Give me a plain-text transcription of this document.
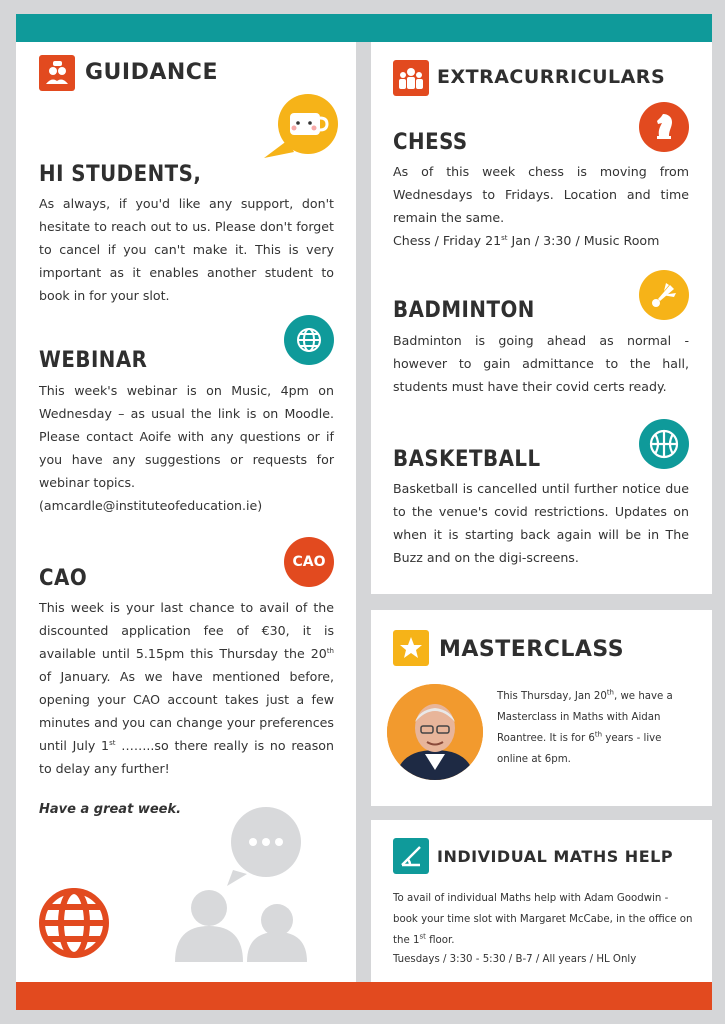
GUIDANCE
HI STUDENTS,

As always, if you'd like any support, don't hesitate to reach out to us. Please don't forget to cancel if you can't make it. This is very important as it enables another student to book in for your slot.

WEBINAR

This week's webinar is on Music, 4pm on Wednesday – as usual the link is on Moodle. Please contact Aoife with any questions or if you have any suggestions or requests for webinar topics.

(amcardle@instituteofeducation.ie)

CAO
CAO

This week is your last chance to avail of the discounted application fee of €30, it is available until 5.15pm this Thursday the 20th of January. As we have mentioned before, opening your CAO account takes just a few minutes and you can change your preferences until July 1st ……..so there really is no reason to delay any further!

Have a great week.
EXTRACURRICULARS
CHESS

As of this week chess is moving from Wednesdays to Fridays. Location and time remain the same.

Chess / Friday 21st Jan / 3:30 / Music Room

BADMINTON

Badminton is going ahead as normal - however to gain admittance to the hall, students must have their covid certs ready.

BASKETBALL

Basketball is cancelled until further notice due to the venue's covid restrictions. Updates on when it is starting back again will be in The Buzz and on the digi-screens.

MASTERCLASS

This Thursday, Jan 20th, we have a Masterclass in Maths with Aidan Roantree. It is for 6th years - live online at 6pm.

INDIVIDUAL MATHS HELP

To avail of individual Maths help with Adam Goodwin - book your time slot with Margaret McCabe, in the office on the 1st floor.

Tuesdays / 3:30 - 5:30 / B-7 / All years / HL Only
